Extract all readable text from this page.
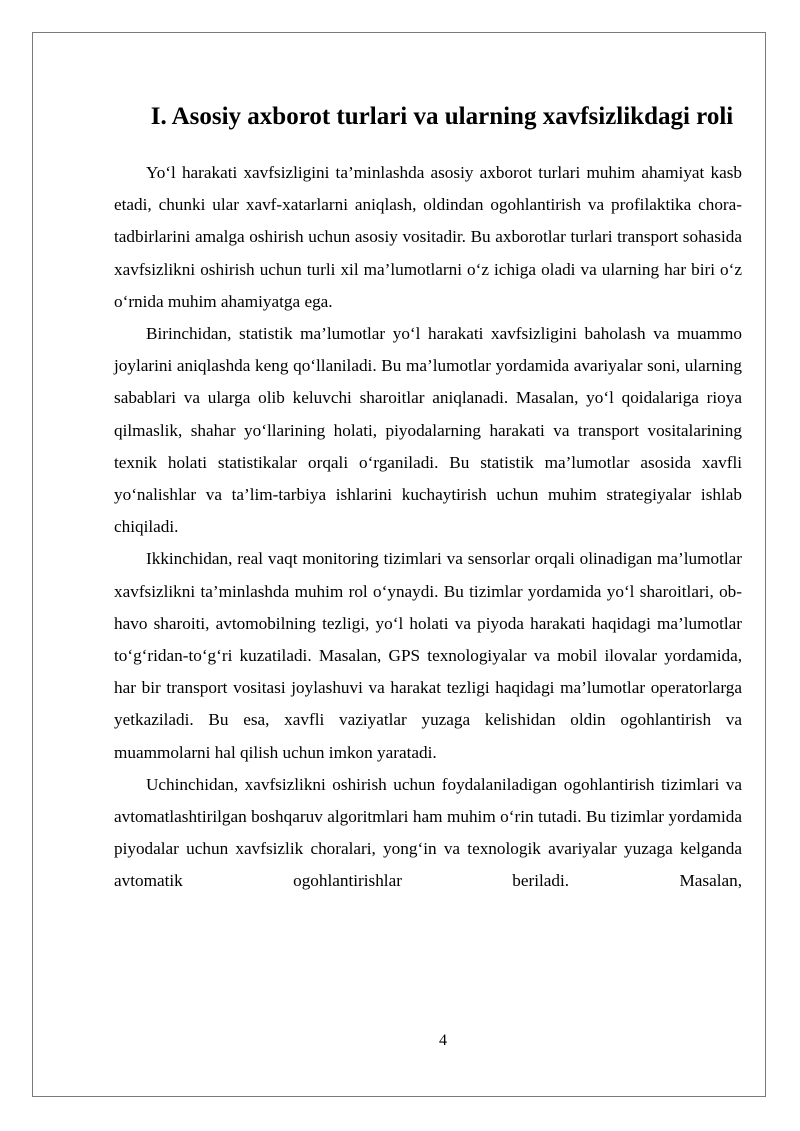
I. Asosiy axborot turlari va ularning xavfsizlikdagi roli

Yo‘l harakati xavfsizligini ta’minlashda asosiy axborot turlari muhim ahamiyat kasb etadi, chunki ular xavf-xatarlarni aniqlash, oldindan ogohlantirish va profilaktika chora-tadbirlarini amalga oshirish uchun asosiy vositadir. Bu axborotlar turlari transport sohasida xavfsizlikni oshirish uchun turli xil ma’lumotlarni o‘z ichiga oladi va ularning har biri o‘z o‘rnida muhim ahamiyatga ega.

Birinchidan, statistik ma’lumotlar yo‘l harakati xavfsizligini baholash va muammo joylarini aniqlashda keng qo‘llaniladi. Bu ma’lumotlar yordamida avariyalar soni, ularning sabablari va ularga olib keluvchi sharoitlar aniqlanadi. Masalan, yo‘l qoidalariga rioya qilmaslik, shahar yo‘llarining holati, piyodalarning harakati va transport vositalarining texnik holati statistikalar orqali o‘rganiladi. Bu statistik ma’lumotlar asosida xavfli yo‘nalishlar va ta’lim-tarbiya ishlarini kuchaytirish uchun muhim strategiyalar ishlab chiqiladi.

Ikkinchidan, real vaqt monitoring tizimlari va sensorlar orqali olinadigan ma’lumotlar xavfsizlikni ta’minlashda muhim rol o‘ynaydi. Bu tizimlar yordamida yo‘l sharoitlari, ob-havo sharoiti, avtomobilning tezligi, yo‘l holati va piyoda harakati haqidagi ma’lumotlar to‘g‘ridan-to‘g‘ri kuzatiladi. Masalan, GPS texnologiyalar va mobil ilovalar yordamida, har bir transport vositasi joylashuvi va harakat tezligi haqidagi ma’lumotlar operatorlarga yetkaziladi. Bu esa, xavfli vaziyatlar yuzaga kelishidan oldin ogohlantirish va muammolarni hal qilish uchun imkon yaratadi.

Uchinchidan, xavfsizlikni oshirish uchun foydalaniladigan ogohlantirish tizimlari va avtomatlashtirilgan boshqaruv algoritmlari ham muhim o‘rin tutadi. Bu tizimlar yordamida piyodalar uchun xavfsizlik choralari, yong‘in va texnologik avariyalar yuzaga kelganda avtomatik ogohlantirishlar beriladi. Masalan,

4
